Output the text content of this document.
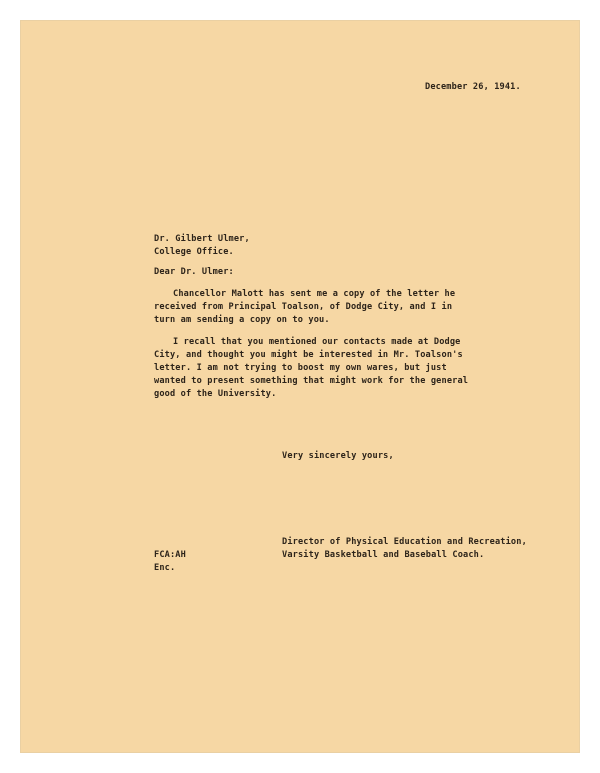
December 26, 1941.
Dr. Gilbert Ulmer,
College Office.
Dear Dr. Ulmer:
Chancellor Malott has sent me a copy of the letter he
received from Principal Toalson, of Dodge City, and I in
turn am sending a copy on to you.
I recall that you mentioned our contacts made at Dodge
City, and thought you might be interested in Mr. Toalson's
letter. I am not trying to boost my own wares, but just
wanted to present something that might work for the general
good of the University.
Very sincerely yours,
Director of Physical Education and Recreation,
Varsity Basketball and Baseball Coach.
FCA:AH
Enc.
